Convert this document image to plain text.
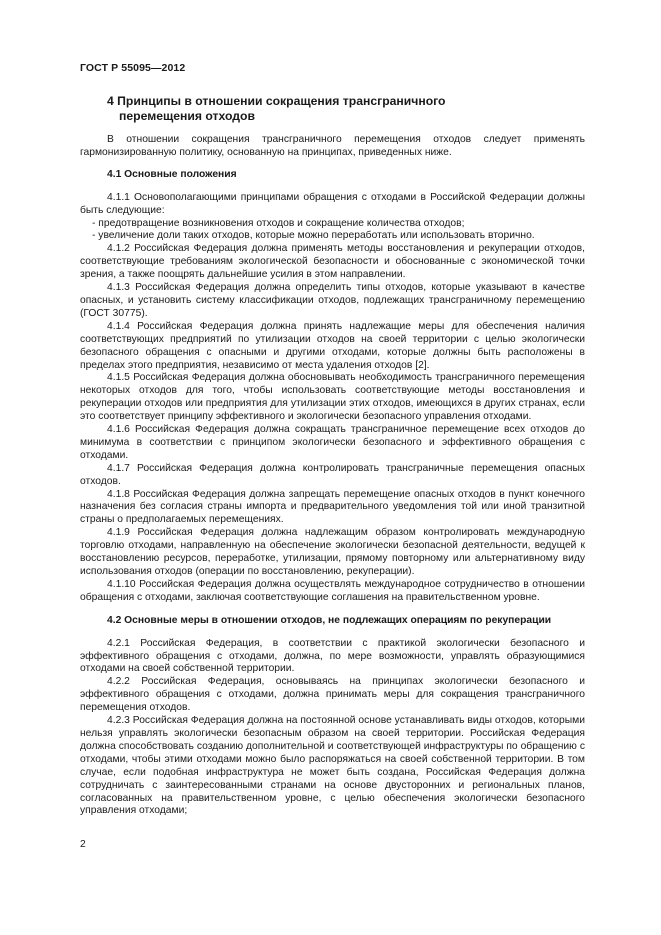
ГОСТ Р 55095—2012
4 Принципы в отношении сокращения трансграничного
перемещения отходов

В отношении сокращения трансграничного перемещения отходов следует применять гармонизированную политику, основанную на принципах, приведенных ниже.

4.1 Основные положения

4.1.1 Основополагающими принципами обращения с отходами в Российской Федерации должны быть следующие:

- предотвращение возникновения отходов и сокращение количества отходов;

- увеличение доли таких отходов, которые можно переработать или использовать вторично.

4.1.2 Российская Федерация должна применять методы восстановления и рекуперации отходов, соответствующие требованиям экологической безопасности и обоснованные с экономической точки зрения, а также поощрять дальнейшие усилия в этом направлении.

4.1.3 Российская Федерация должна определить типы отходов, которые указывают в качестве опасных, и установить систему классификации отходов, подлежащих трансграничному перемещению (ГОСТ 30775).

4.1.4 Российская Федерация должна принять надлежащие меры для обеспечения наличия соответствующих предприятий по утилизации отходов на своей территории с целью экологически безопасного обращения с опасными и другими отходами, которые должны быть расположены в пределах этого предприятия, независимо от места удаления отходов [2].

4.1.5 Российская Федерация должна обосновывать необходимость трансграничного перемещения некоторых отходов для того, чтобы использовать соответствующие методы восстановления и рекуперации отходов или предприятия для утилизации этих отходов, имеющихся в других странах, если это соответствует принципу эффективного и экологически безопасного управления отходами.

4.1.6 Российская Федерация должна сокращать трансграничное перемещение всех отходов до минимума в соответствии с принципом экологически безопасного и эффективного обращения с отходами.

4.1.7 Российская Федерация должна контролировать трансграничные перемещения опасных отходов.

4.1.8 Российская Федерация должна запрещать перемещение опасных отходов в пункт конечного назначения без согласия страны импорта и предварительного уведомления той или иной транзитной страны о предполагаемых перемещениях.

4.1.9 Российская Федерация должна надлежащим образом контролировать международную торговлю отходами, направленную на обеспечение экологически безопасной деятельности, ведущей к восстановлению ресурсов, переработке, утилизации, прямому повторному или альтернативному виду использования отходов (операции по восстановлению, рекуперации).

4.1.10 Российская Федерация должна осуществлять международное сотрудничество в отношении обращения с отходами, заключая соответствующие соглашения на правительственном уровне.

4.2 Основные меры в отношении отходов, не подлежащих операциям по рекуперации

4.2.1 Российская Федерация, в соответствии с практикой экологически безопасного и эффективного обращения с отходами, должна, по мере возможности, управлять образующимися отходами на своей собственной территории.

4.2.2 Российская Федерация, основываясь на принципах экологически безопасного и эффективного обращения с отходами, должна принимать меры для сокращения трансграничного перемещения отходов.

4.2.3 Российская Федерация должна на постоянной основе устанавливать виды отходов, которыми нельзя управлять экологически безопасным образом на своей территории. Российская Федерация должна способствовать созданию дополнительной и соответствующей инфраструктуры по обращению с отходами, чтобы этими отходами можно было распоряжаться на своей собственной территории. В том случае, если подобная инфраструктура не может быть создана, Российская Федерация должна сотрудничать с заинтересованными странами на основе двусторонних и региональных планов, согласованных на правительственном уровне, с целью обеспечения экологически безопасного управления отходами;

2
